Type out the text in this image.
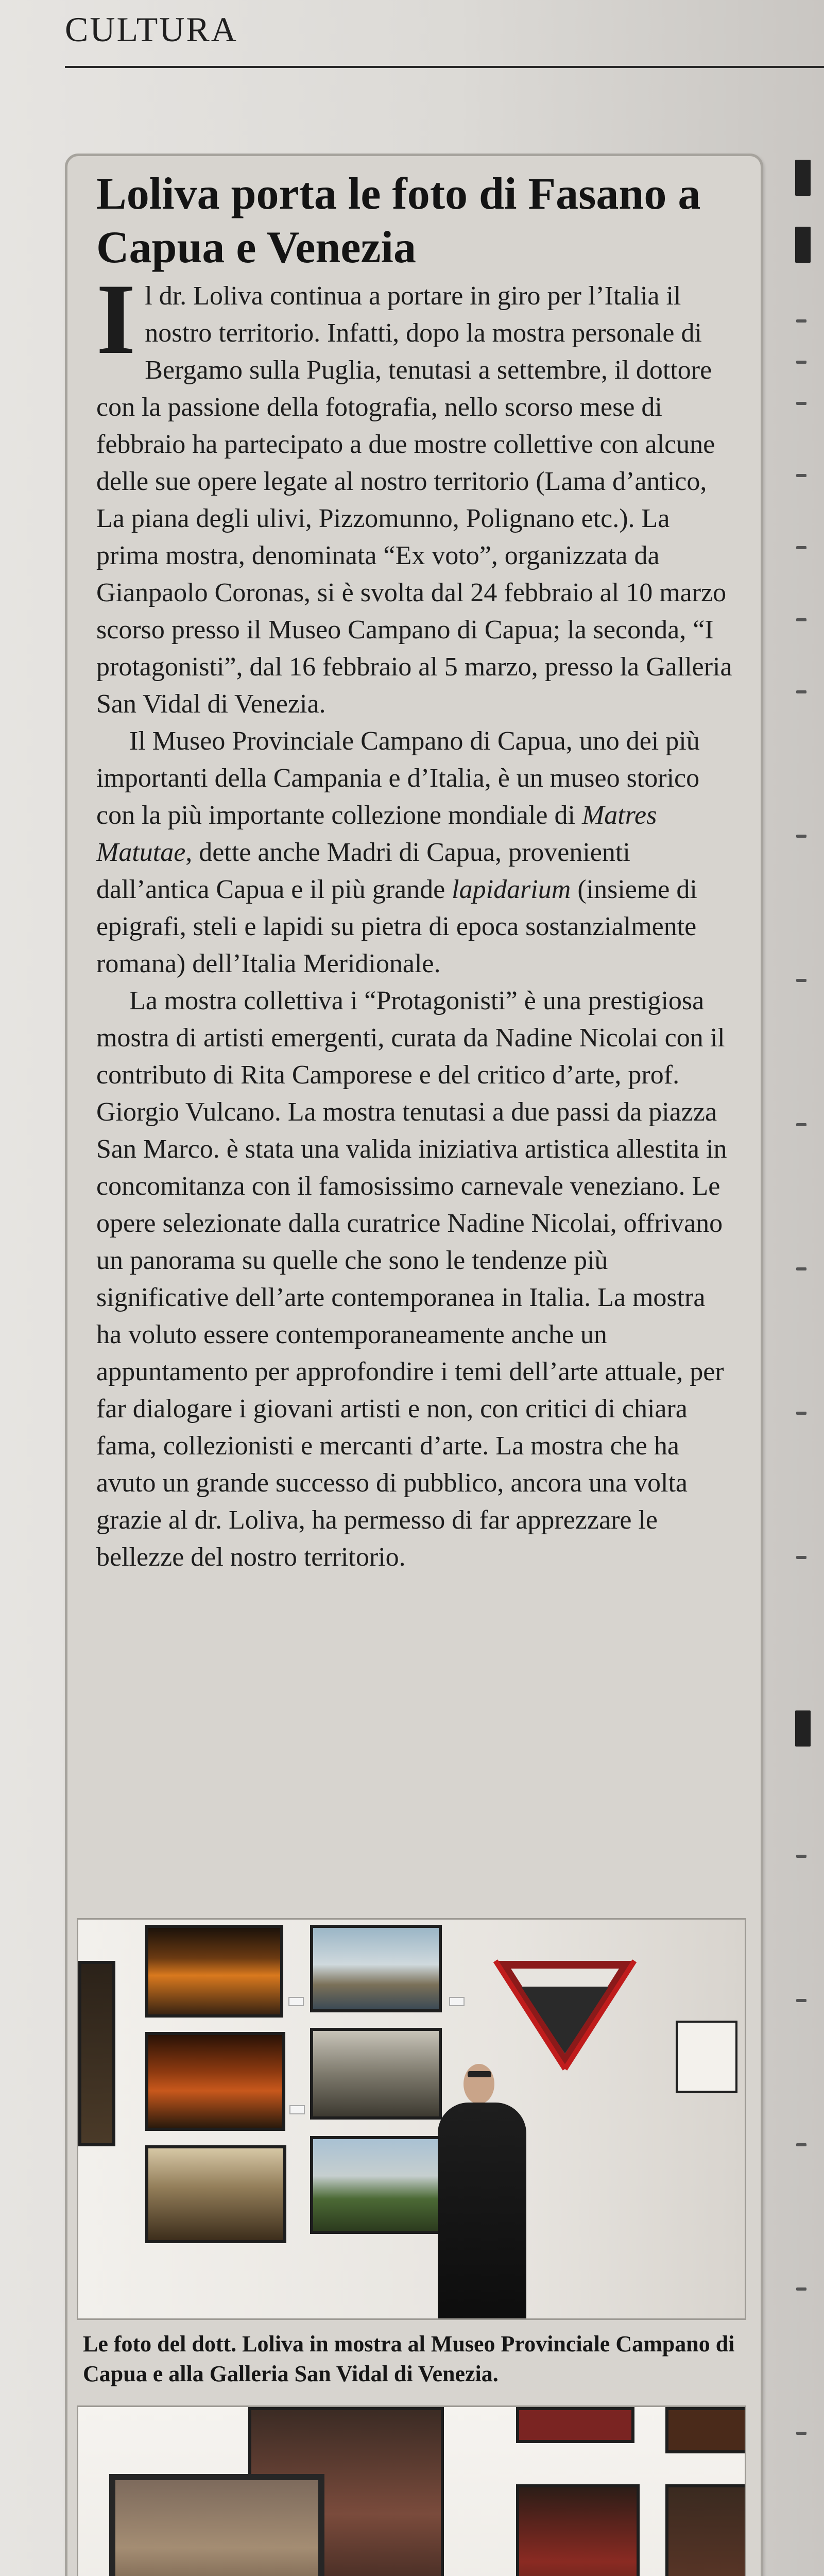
CULTURA
Loliva porta le foto di Fasano a Capua e Venezia

Il dr. Loliva continua a portare in giro per l’Italia il nostro territorio. Infatti, dopo la mostra personale di Bergamo sulla Puglia, tenutasi a settembre, il dottore con la passione della fotografia, nello scorso mese di febbraio ha partecipato a due mostre collettive con alcune delle sue opere legate al nostro territorio (Lama d’antico, La piana degli ulivi, Pizzomunno, Polignano etc.). La prima mostra, denominata “Ex voto”, organizzata da Gianpaolo Coronas, si è svolta dal 24 febbraio al 10 marzo scorso presso il Museo Campano di Capua; la seconda, “I protagonisti”, dal 16 febbraio al 5 marzo, presso la Galleria San Vidal di Venezia.

Il Museo Provinciale Campano di Capua, uno dei più importanti della Campania e d’Italia, è un museo storico con la più importante collezione mondiale di Matres Matutae, dette anche Madri di Capua, provenienti dall’antica Capua e il più grande lapidarium (insieme di epigrafi, steli e lapidi su pietra di epoca sostanzialmente romana) dell’Italia Meridionale.

La mostra collettiva i “Protagonisti” è una prestigiosa mostra di artisti emergenti, curata da Nadine Nicolai con il contributo di Rita Camporese e del critico d’arte, prof. Giorgio Vulcano. La mostra tenutasi a due passi da piazza San Marco. è stata una valida iniziativa artistica allestita in concomitanza con il famosissimo carnevale veneziano. Le opere selezionate dalla curatrice Nadine Nicolai, offrivano un panorama su quelle che sono le tendenze più significative dell’arte contemporanea in Italia. La mostra ha voluto essere contemporaneamente anche un appuntamento per approfondire i temi dell’arte attuale, per far dialogare i giovani artisti e non, con critici di chiara fama, collezionisti e mercanti d’arte. La mostra che ha avuto un grande successo di pubblico, ancora una volta grazie al dr. Loliva, ha permesso di far apprezzare le bellezze del nostro territorio.

Le foto del dott. Loliva in mostra al Museo Provinciale Campano di Capua e alla Galleria San Vidal di Venezia.
